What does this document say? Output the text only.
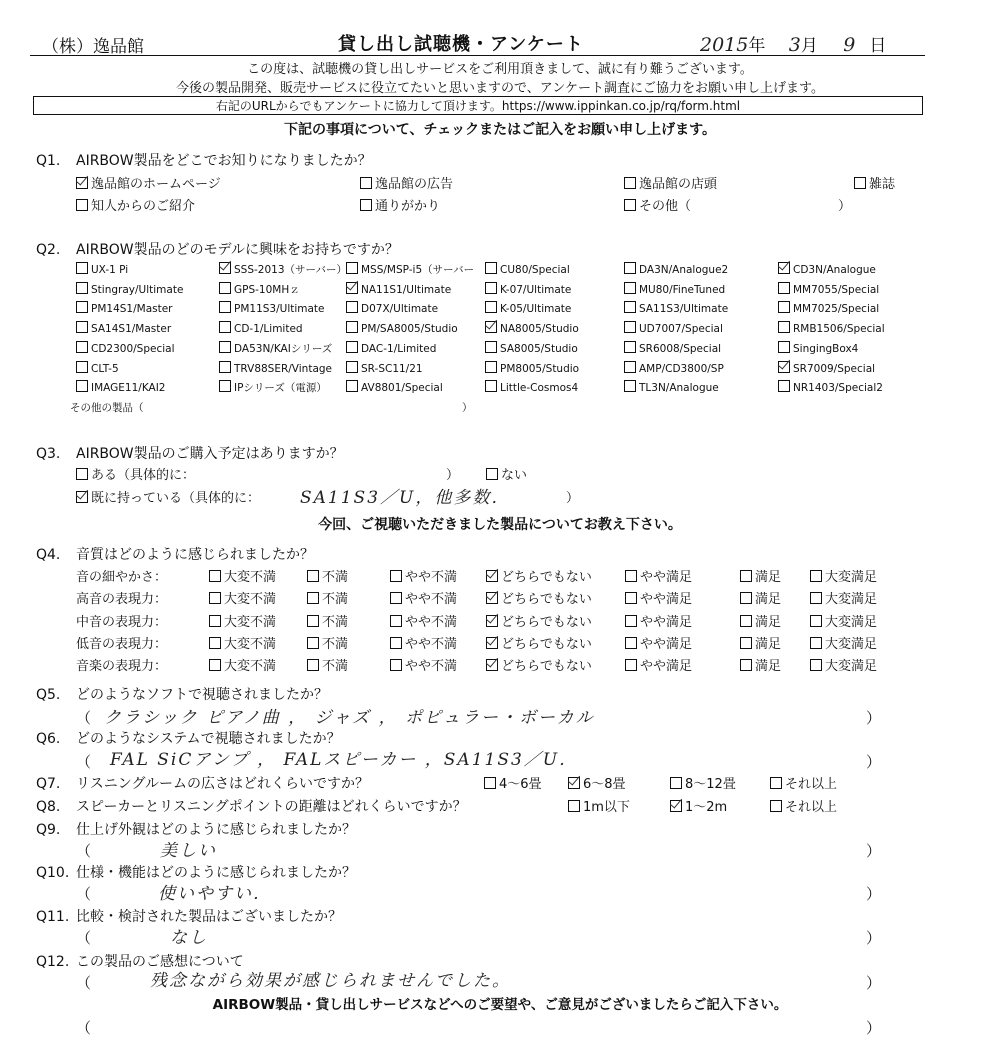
（株）逸品館	貸し出し試聴機・アンケート	2015年 3月 9 日
この度は、試聴機の貸し出しサービスをご利用頂きまして、誠に有り難うございます。
今後の製品開発、販売サービスに役立てたいと思いますので、アンケート調査にご協力をお願い申し上げます。
右記のURLからでもアンケートに協力して頂けます。https://www.ippinkan.co.jp/rq/form.html
下記の事項について、チェックまたはご記入をお願い申し上げます。
Q1. AIRBOW製品をどこでお知りになりましたか？
逸品館のホームページ	逸品館の広告	逸品館の店頭	雑誌
知人からのご紹介	通りがかり	その他（	）
Q2. AIRBOW製品のどのモデルに興味をお持ちですか？
UX-1 Pi	SSS-2013（サーバー）	MSS/MSP-i5（サーバー	CU80/Special	DA3N/Analogue2	CD3N/Analogue
Stingray/Ultimate	GPS-10MHｚ	NA11S1/Ultimate	K-07/Ultimate	MU80/FineTuned	MM7055/Special
PM14S1/Master	PM11S3/Ultimate	D07X/Ultimate	K-05/Ultimate	SA11S3/Ultimate	MM7025/Special
SA14S1/Master	CD-1/Limited	PM/SA8005/Studio	NA8005/Studio	UD7007/Special	RMB1506/Special
CD2300/Special	DA53N/KAIシリーズ	DAC-1/Limited	SA8005/Studio	SR6008/Special	SingingBox4
CLT-5	TRV88SER/Vintage	SR-SC11/21	PM8005/Studio	AMP/CD3800/SP	SR7009/Special
IMAGE11/KAI2	IPシリーズ（電源）	AV8801/Special	Little-Cosmos4	TL3N/Analogue	NR1403/Special2
その他の製品（	）
Q3. AIRBOW製品のご購入予定はありますか？
ある（具体的に：	）	ない
既に持っている（具体的に： SA11S3／U，他多数．	）
今回、ご視聴いただきました製品についてお教え下さい。
Q4. 音質はどのように感じられましたか？
音の細やかさ：	大変不満	不満	やや不満	どちらでもない	やや満足	満足	大変満足
高音の表現力：	大変不満	不満	やや不満	どちらでもない	やや満足	満足	大変満足
中音の表現力：	大変不満	不満	やや不満	どちらでもない	やや満足	満足	大変満足
低音の表現力：	大変不満	不満	やや不満	どちらでもない	やや満足	満足	大変満足
音楽の表現力：	大変不満	不満	やや不満	どちらでもない	やや満足	満足	大変満足
Q5. どのようなソフトで視聴されましたか？
（ クラシック ピアノ曲 ， ジャズ ， ポピュラー・ボーカル	）
Q6. どのようなシステムで視聴されましたか？
（ FAL SiCアンプ ， FALスピーカー ，SA11S3／U．	）
Q7. リスニングルームの広さはどれくらいですか？	4～6畳	6～8畳	8～12畳	それ以上
Q8. スピーカーとリスニングポイントの距離はどれくらいですか？	1m以下	1～2m	それ以上
Q9. 仕上げ外観はどのように感じられましたか？
（	美しい	）
Q10. 仕様・機能はどのように感じられましたか？
（	使いやすい．	）
Q11. 比較・検討された製品はございましたか？
（	なし	）
Q12. この製品のご感想について
（	残念ながら効果が感じられませんでした。	）
AIRBOW製品・貸し出しサービスなどへのご要望や、ご意見がございましたらご記入下さい。
（	）
